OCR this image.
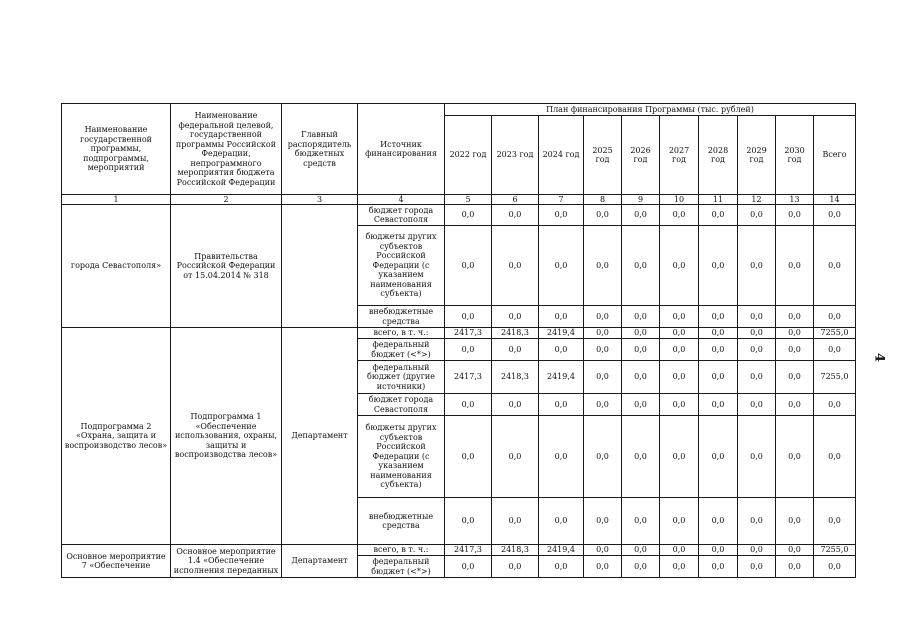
Наименование государственной программы, подпрограммы, мероприятий	Наименование федеральной целевой, государственной программы Российской Федерации, непрограммного мероприятия бюджета Российской Федерации	Главный распорядитель бюджетных средств	Источник финансирования	План финансирования Программы (тыс. рублей)									
				2022 год	2023 год	2024 год	2025 год	2026 год	2027 год	2028 год	2029 год	2030 год	Всего
1	2	3	4	5	6	7	8	9	10	11	12	13	14
города Севастополя»	Правительства Российской Федерации от 15.04.2014 № 318		бюджет города Севастополя	0,0	0,0	0,0	0,0	0,0	0,0	0,0	0,0	0,0	0,0
			бюджеты других субъектов Российской Федерации (с указанием наименования субъекта)	0,0	0,0	0,0	0,0	0,0	0,0	0,0	0,0	0,0	0,0
			внебюджетные средства	0,0	0,0	0,0	0,0	0,0	0,0	0,0	0,0	0,0	0,0
Подпрограмма 2 «Охрана, защита и воспроизводство лесов»	Подпрограмма 1 «Обеспечение использования, охраны, защиты и воспроизводства лесов»	Департамент	всего, в т. ч.:	2417,3	2418,3	2419,4	0,0	0,0	0,0	0,0	0,0	0,0	7255,0
			федеральный бюджет (<*>)	0,0	0,0	0,0	0,0	0,0	0,0	0,0	0,0	0,0	0,0
			федеральный бюджет (другие источники)	2417,3	2418,3	2419,4	0,0	0,0	0,0	0,0	0,0	0,0	7255,0
			бюджет города Севастополя	0,0	0,0	0,0	0,0	0,0	0,0	0,0	0,0	0,0	0,0
			бюджеты других субъектов Российской Федерации (с указанием наименования субъекта)	0,0	0,0	0,0	0,0	0,0	0,0	0,0	0,0	0,0	0,0
			внебюджетные средства	0,0	0,0	0,0	0,0	0,0	0,0	0,0	0,0	0,0	0,0
Основное мероприятие 7 «Обеспечение	Основное мероприятие 1.4 «Обеспечение исполнения переданных	Департамент	всего, в т. ч.:	2417,3	2418,3	2419,4	0,0	0,0	0,0	0,0	0,0	0,0	7255,0
			федеральный бюджет (<*>)	0,0	0,0	0,0	0,0	0,0	0,0	0,0	0,0	0,0	0,0
4
